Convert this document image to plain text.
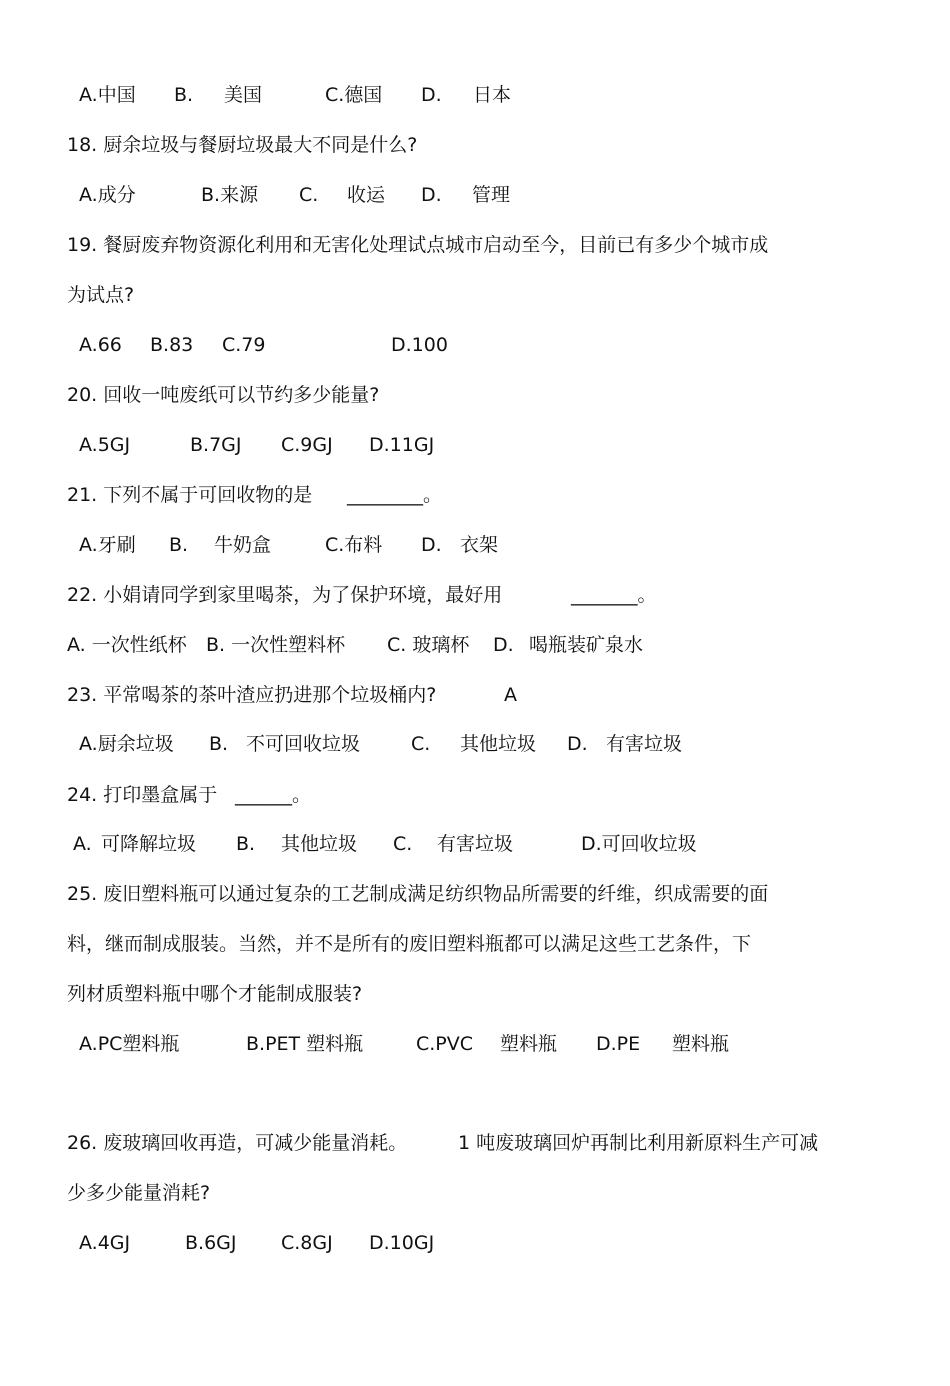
A.中国

B.

美国

	C.德国

D.

日本

18. 厨余垃圾与餐厨垃圾最大不同是什么?

A.成分

	B.来源

C.

收运

D.

管理

19. 餐厨废弃物资源化利用和无害化处理试点城市启动至今，目前已有多少个城市成
为试点?

A.66

B.83

C.79

	D.100

20. 回收一吨废纸可以节约多少能量?

A.5GJ

	B.7GJ

C.9GJ

D.11GJ

21. 下列不属于可回收物的是

________。

A.牙刷

B.

牛奶盒

	C.布料

D.

衣架

22. 小娟请同学到家里喝茶，为了保护环境，最好用

	_______。

A. 一次性纸杯

B. 一次性塑料杯

C. 玻璃杯

D.

喝瓶装矿泉水

23. 平常喝茶的茶叶渣应扔进那个垃圾桶内?

	A

A.厨余垃圾

B.

不可回收垃圾

	C.

其他垃圾

D.

有害垃圾

24. 打印墨盒属于

______。

A.

可降解垃圾

B.

其他垃圾

C.

有害垃圾

	D.可回收垃圾

25. 废旧塑料瓶可以通过复杂的工艺制成满足纺织物品所需要的纤维，织成需要的面
料，继而制成服装。当然，并不是所有的废旧塑料瓶都可以满足这些工艺条件，下
列材质塑料瓶中哪个才能制成服装?

A.PC塑料瓶

	B.PET 塑料瓶

	C.PVC

塑料瓶

D.PE

塑料瓶

26. 废玻璃回收再造，可减少能量消耗。

	1 吨废玻璃回炉再制比利用新原料生产可减

少多少能量消耗?

A.4GJ

	B.6GJ

C.8GJ

D.10GJ
